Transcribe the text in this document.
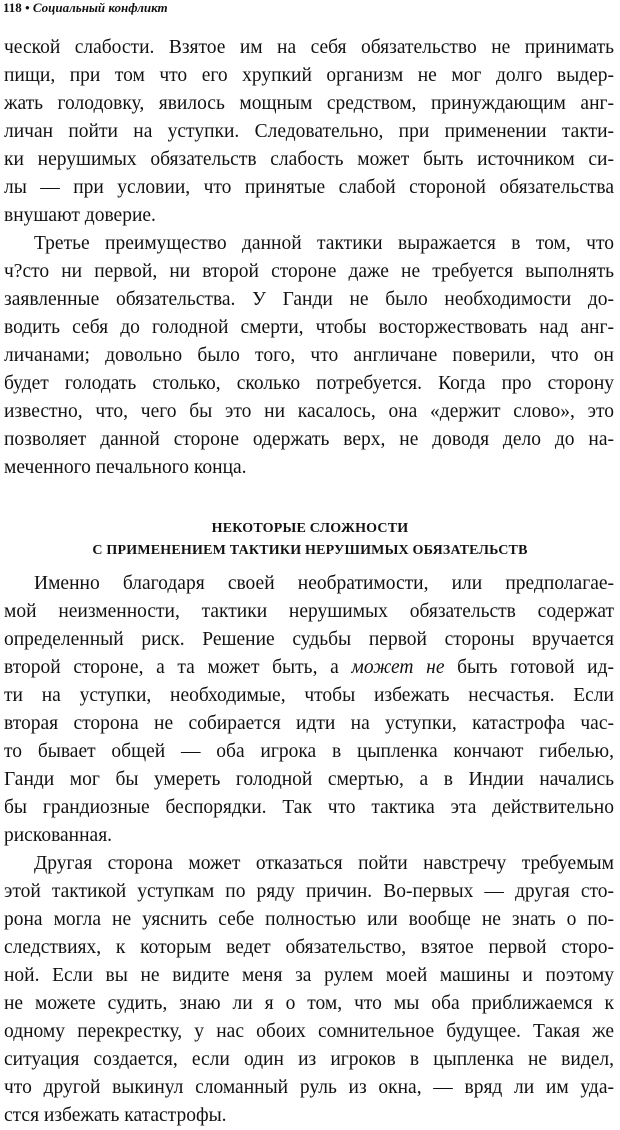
118 • Социальный конфликт
ческой слабости. Взятое им на себя обязательство не принимать
пищи, при том что его хрупкий организм не мог долго выдер-
жать голодовку, явилось мощным средством, принуждающим анг-
личан пойти на уступки. Следовательно, при применении такти-
ки нерушимых обязательств слабость может быть источником си-
лы — при условии, что принятые слабой стороной обязательства
внушают доверие.
Третье преимущество данной тактики выражается в том, что
ч?сто ни первой, ни второй стороне даже не требуется выполнять
заявленные обязательства. У Ганди не было необходимости до-
водить себя до голодной смерти, чтобы восторжествовать над анг-
личанами; довольно было того, что англичане поверили, что он
будет голодать столько, сколько потребуется. Когда про сторону
известно, что, чего бы это ни касалось, она «держит слово», это
позволяет данной стороне одержать верх, не доводя дело до на-
меченного печального конца.
НЕКОТОРЫЕ СЛОЖНОСТИ
С ПРИМЕНЕНИЕМ ТАКТИКИ НЕРУШИМЫХ ОБЯЗАТЕЛЬСТВ
Именно благодаря своей необратимости, или предполагае-
мой неизменности, тактики нерушимых обязательств содержат
определенный риск. Решение судьбы первой стороны вручается
второй стороне, а та может быть, а может не быть готовой ид-
ти на уступки, необходимые, чтобы избежать несчастья. Если
вторая сторона не собирается идти на уступки, катастрофа час-
то бывает общей — оба игрока в цыпленка кончают гибелью,
Ганди мог бы умереть голодной смертью, а в Индии начались
бы грандиозные беспорядки. Так что тактика эта действительно
рискованная.
Другая сторона может отказаться пойти навстречу требуемым
этой тактикой уступкам по ряду причин. Во-первых — другая сто-
рона могла не уяснить себе полностью или вообще не знать о по-
следствиях, к которым ведет обязательство, взятое первой сторо-
ной. Если вы не видите меня за рулем моей машины и поэтому
не можете судить, знаю ли я о том, что мы оба приближаемся к
одному перекрестку, у нас обоих сомнительное будущее. Такая же
ситуация создается, если один из игроков в цыпленка не видел,
что другой выкинул сломанный руль из окна, — вряд ли им уда-
стся избежать катастрофы.
